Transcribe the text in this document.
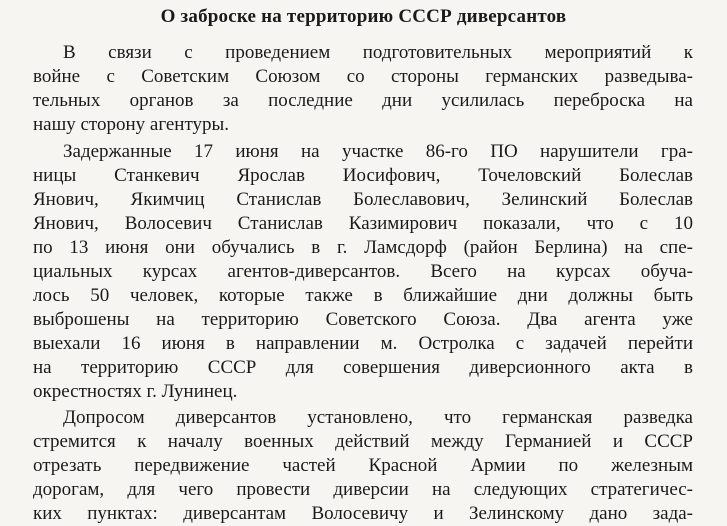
О заброске на территорию СССР диверсантов
В связи с проведением подготовительных мероприятий к
войне с Советским Союзом со стороны германских разведыва-
тельных органов за последние дни усилилась переброска на
нашу сторону агентуры.
Задержанные 17 июня на участке 86-го ПО нарушители гра-
ницы Станкевич Ярослав Иосифович, Точеловский Болеслав
Янович, Якимчиц Станислав Болеславович, Зелинский Болеслав
Янович, Волосевич Станислав Казимирович показали, что с 10
по 13 июня они обучались в г. Ламсдорф (район Берлина) на спе-
циальных курсах агентов-диверсантов. Всего на курсах обуча-
лось 50 человек, которые также в ближайшие дни должны быть
выброшены на территорию Советского Союза. Два агента уже
выехали 16 июня в направлении м. Остролка с задачей перейти
на территорию СССР для совершения диверсионного акта в
окрестностях г. Лунинец.
Допросом диверсантов установлено, что германская разведка
стремится к началу военных действий между Германией и СССР
отрезать передвижение частей Красной Армии по железным
дорогам, для чего провести диверсии на следующих стратегичес-
ких пунктах: диверсантам Волосевичу и Зелинскому дано зада-
